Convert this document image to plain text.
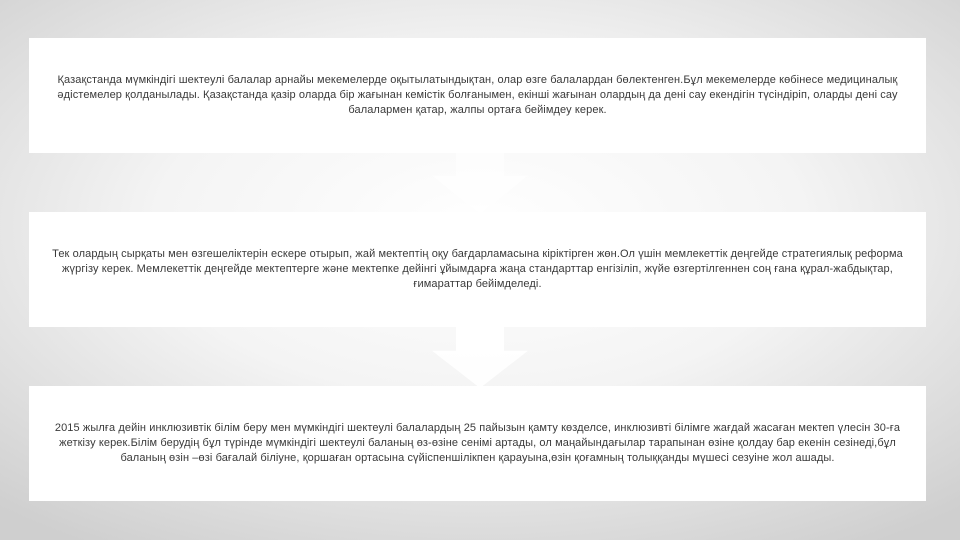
Қазақстанда мүмкіндігі шектеулі балалар арнайы мекемелерде оқытылатындықтан, олар өзге балалардан бөлектенген.Бұл мекемелерде көбінесе медициналық әдістемелер қолданылады. Қазақстанда қазір оларда бір жағынан кемістік болғанымен, екінші жағынан олардың да дені сау екендігін түсіндіріп, оларды дені сау балалармен қатар, жалпы ортаға бейімдеу керек.

Тек олардың сырқаты мен өзгешеліктерін ескере отырып, жай мектептің оқу бағдарламасына кіріктірген жөн.Ол үшін мемлекеттік деңгейде стратегиялық реформа жүргізу керек. Мемлекеттік деңгейде мектептерге және мектепке дейінгі ұйымдарға жаңа стандарттар енгізіліп, жүйе өзгертілгеннен соң ғана құрал-жабдықтар, ғимараттар бейімделеді.

2015 жылға дейін инклюзивтік білім беру мен мүмкіндігі шектеулі балалардың 25 пайызын қамту көзделсе, инклюзивті білімге жағдай жасаған мектеп үлесін 30-ға жеткізу керек.Білім берудің бұл түрінде мүмкіндігі шектеулі баланың өз-өзіне сенімі артады, ол маңайындағылар тарапынан өзіне қолдау бар екенін сезінеді,бұл баланың өзін –өзі бағалай біліуне, қоршаған ортасына сүйіспеншілікпен қарауына,өзін қоғамның толыққанды мүшесі сезуіне жол ашады.
